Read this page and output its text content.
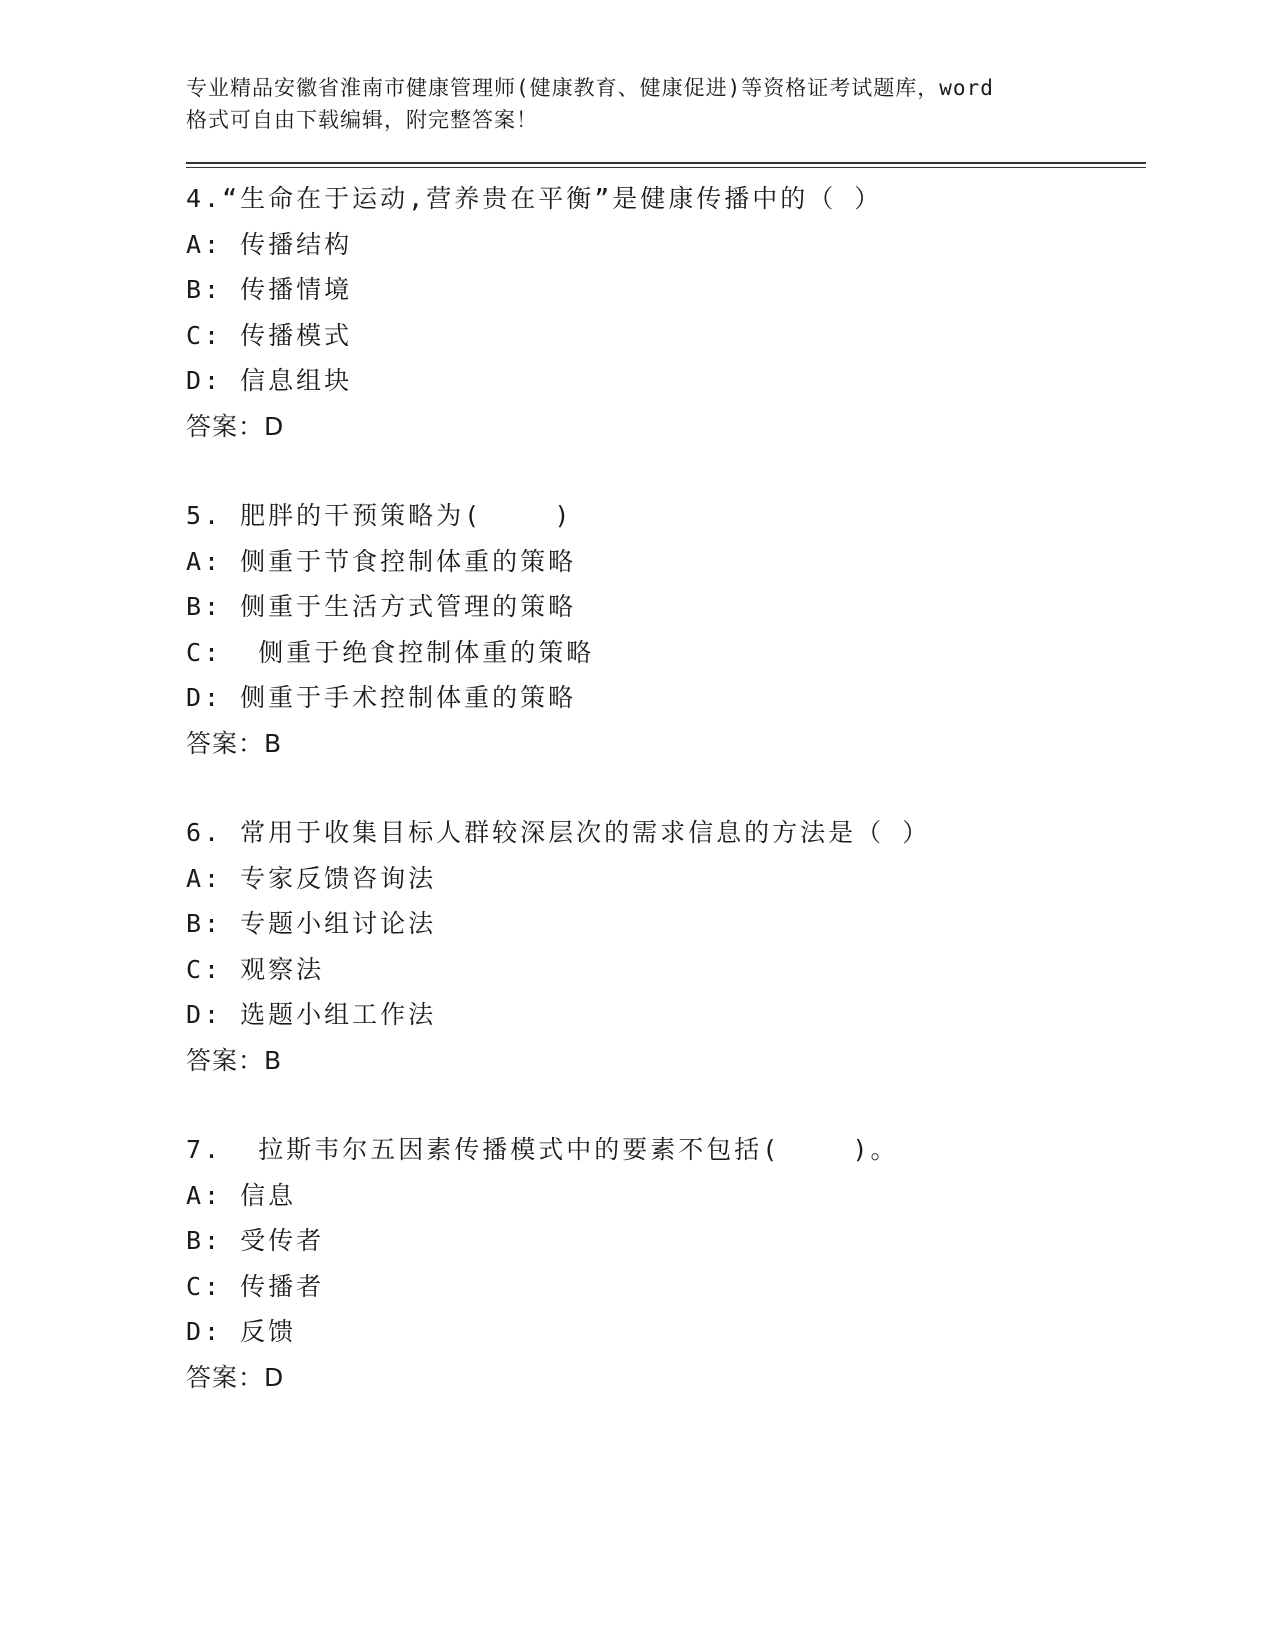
专业精品安徽省淮南市健康管理师(健康教育、健康促进)等资格证考试题库，word
格式可自由下载编辑，附完整答案！

4.“生命在于运动,营养贵在平衡”是健康传播中的（ ）
A: 传播结构
B: 传播情境
C: 传播模式
D: 信息组块
答案：D
5. 肥胖的干预策略为(    )
A: 侧重于节食控制体重的策略
B: 侧重于生活方式管理的策略
C:  侧重于绝食控制体重的策略
D: 侧重于手术控制体重的策略
答案：B
6. 常用于收集目标人群较深层次的需求信息的方法是（ ）
A: 专家反馈咨询法
B: 专题小组讨论法
C: 观察法
D: 选题小组工作法
答案：B
7.  拉斯韦尔五因素传播模式中的要素不包括(    )。
A: 信息
B: 受传者
C: 传播者
D: 反馈
答案：D
